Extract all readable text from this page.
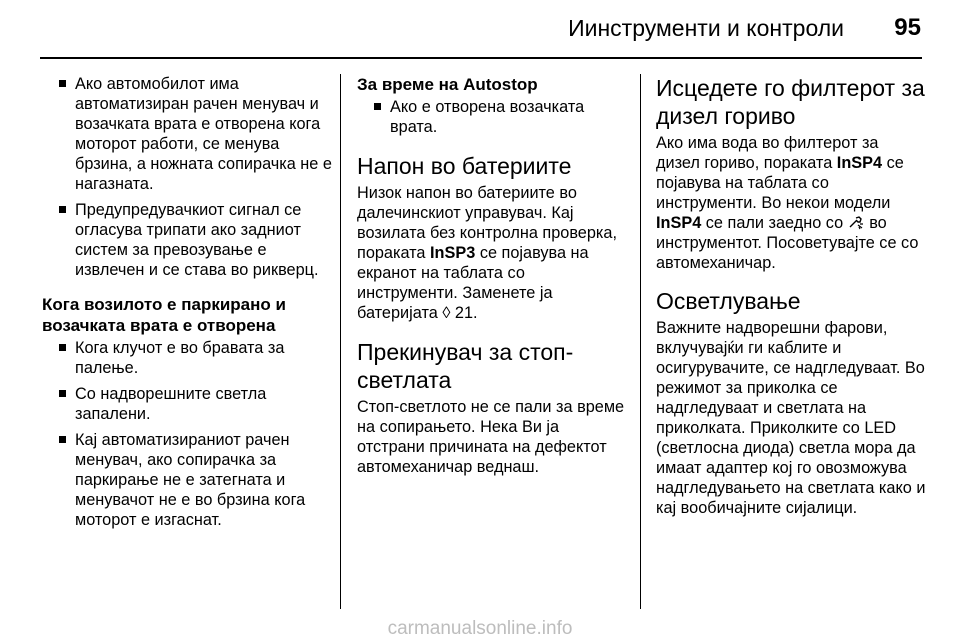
Иинструменти и контроли 95
Ако автомобилот има автоматизиран рачен менувач и возачката врата е отворена кога моторот работи, се менува брзина, а ножната сопирачка не е нагазната.
Предупредувачкиот сигнал се огласува трипати ако задниот систем за превозување е извлечен и се става во рикверц.
Кога возилото е паркирано и возачката врата е отворена
Кога клучот е во бравата за палење.
Со надворешните светла запалени.
Кај автоматизираниот рачен менувач, ако сопирачка за паркирање не е затегната и менувачот не е во брзина кога моторот е изгаснат.
За време на Autostop
Ако е отворена возачката врата.
Напон во батериите

Низок напон во батериите во далечинскиот управувач. Кај возилата без контролна проверка, пораката InSP3 се појавува на екранот на таблата со инструменти. Заменете ја батеријата ◊ 21.

Прекинувач за стоп-светлата

Стоп-светлото не се пали за време на сопирањето. Нека Ви ја отстрани причината на дефектот автомеханичар веднаш.

Исцедете го филтерот за дизел гориво

Ако има вода во филтерот за дизел гориво, пораката InSP4 се појавува на таблата со инструменти. Во некои модели InSP4 се пали заедно со во инструментот. Посоветувајте се со автомеханичар.

Осветлување

Важните надворешни фарови, вклучувајќи ги каблите и осигурувачите, се надгледуваат. Во режимот за приколка се надгледуваат и светлата на приколката. Приколките со LED (светлосна диода) светла мора да имаат адаптер кој го овозможува надгледувањето на светлата како и кај вообичајните сијалици.

carmanualsonline.info
